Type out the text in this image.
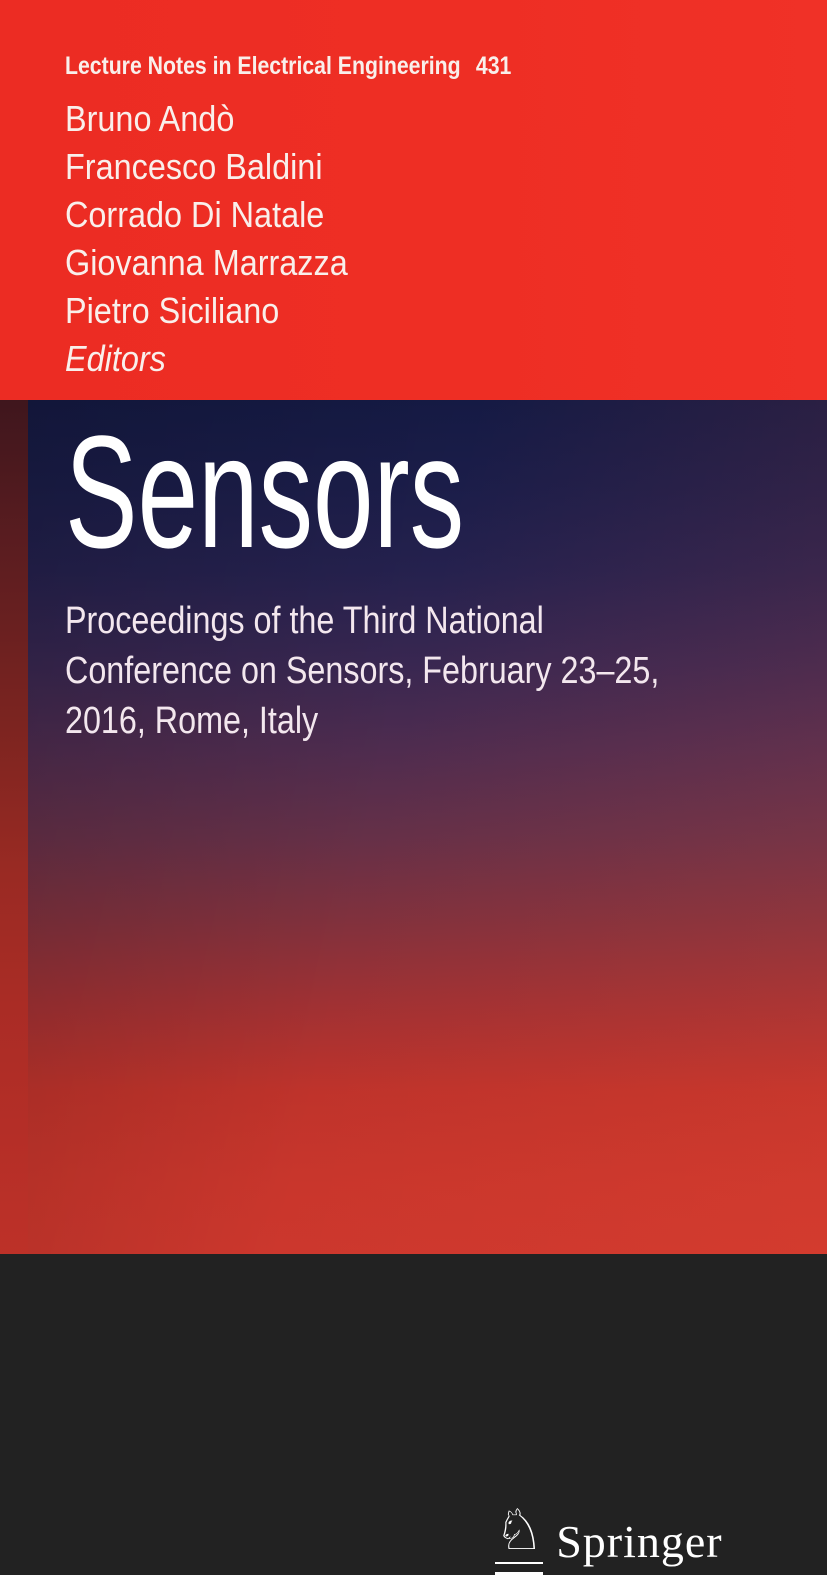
Lecture Notes in Electrical Engineering 431
Bruno Andò
Francesco Baldini
Corrado Di Natale
Giovanna Marrazza
Pietro Siciliano
Editors
Sensors
Proceedings of the Third National
Conference on Sensors, February 23–25,
2016, Rome, Italy
♘ Springer
